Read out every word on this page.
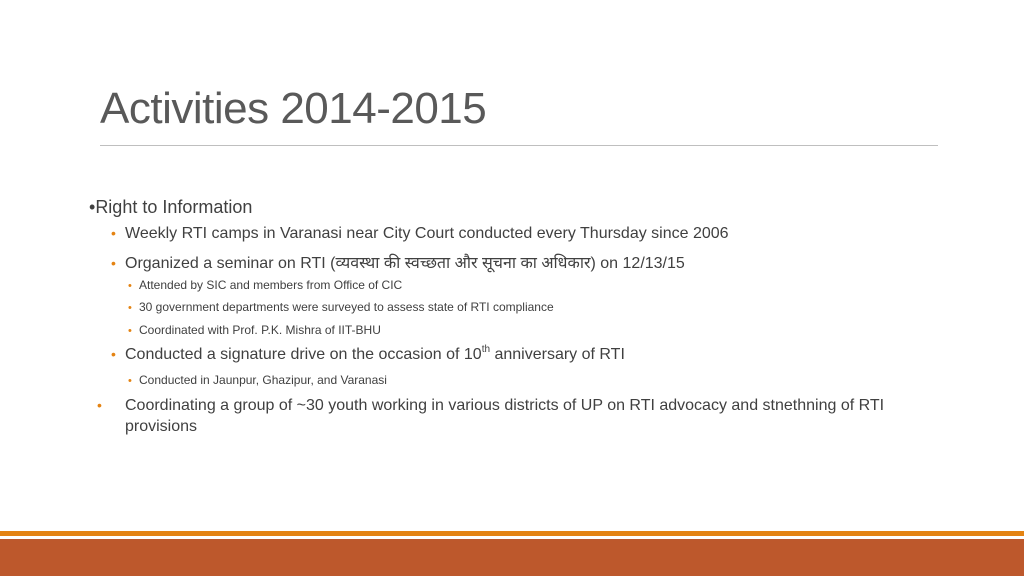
Activities 2014-2015
•Right to Information
• Weekly RTI camps in Varanasi near City Court conducted every Thursday since 2006
• Organized a seminar on RTI (व्यवस्था की स्वच्छता और सूचना का अधिकार) on 12/13/15
• Attended by SIC and members from Office of CIC
• 30 government departments were surveyed to assess state of RTI compliance
• Coordinated with Prof. P.K. Mishra of IIT-BHU
• Conducted a signature drive on the occasion of 10th anniversary of RTI
• Conducted in Jaunpur, Ghazipur, and Varanasi
• Coordinating a group of ~30 youth working in various districts of UP on RTI advocacy and stnethning of RTI provisions
